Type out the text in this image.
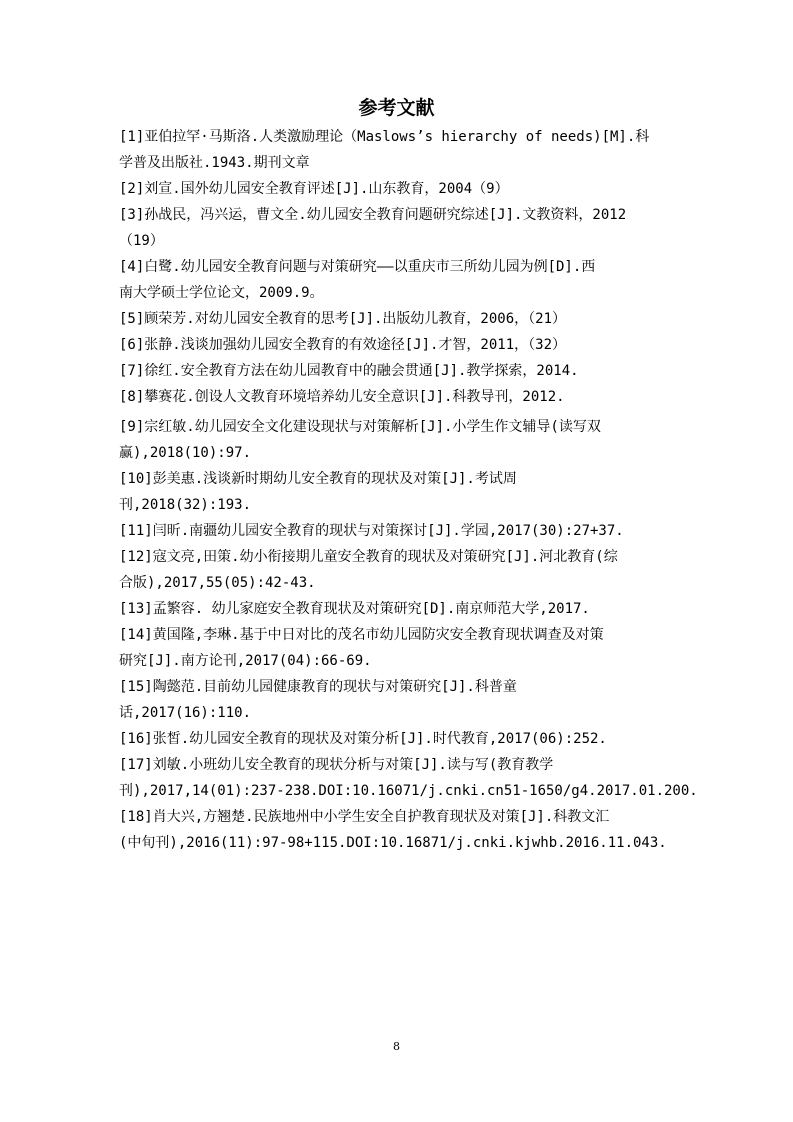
参考文献
[1]亚伯拉罕·马斯洛.人类激励理论（Maslows’s hierarchy of needs)[M].科
学普及出版社.1943.期刊文章
[2]刘宣.国外幼儿园安全教育评述[J].山东教育，2004（9）
[3]孙战民，冯兴运，曹文全.幼儿园安全教育问题研究综述[J].文教资料，2012
（19）
[4]白鹭.幼儿园安全教育问题与对策研究——以重庆市三所幼儿园为例[D].西
南大学硕士学位论文，2009.9。
[5]顾荣芳.对幼儿园安全教育的思考[J].出版幼儿教育，2006，（21）
[6]张静.浅谈加强幼儿园安全教育的有效途径[J].才智，2011，（32）
[7]徐红.安全教育方法在幼儿园教育中的融会贯通[J].教学探索，2014.
[8]攀赛花.创设人文教育环境培养幼儿安全意识[J].科教导刊，2012.
[9]宗红敏.幼儿园安全文化建设现状与对策解析[J].小学生作文辅导(读写双
赢),2018(10):97.
[10]彭美惠.浅谈新时期幼儿安全教育的现状及对策[J].考试周
刊,2018(32):193.
[11]闫昕.南疆幼儿园安全教育的现状与对策探讨[J].学园,2017(30):27+37.
[12]寇文亮,田策.幼小衔接期儿童安全教育的现状及对策研究[J].河北教育(综
合版),2017,55(05):42-43.
[13]孟繁容. 幼儿家庭安全教育现状及对策研究[D].南京师范大学,2017.
[14]黄国隆,李琳.基于中日对比的茂名市幼儿园防灾安全教育现状调查及对策
研究[J].南方论刊,2017(04):66-69.
[15]陶懿范.目前幼儿园健康教育的现状与对策研究[J].科普童
话,2017(16):110.
[16]张皙.幼儿园安全教育的现状及对策分析[J].时代教育,2017(06):252.
[17]刘敏.小班幼儿安全教育的现状分析与对策[J].读与写(教育教学
刊),2017,14(01):237-238.DOI:10.16071/j.cnki.cn51-1650/g4.2017.01.200.
[18]肖大兴,方翘楚.民族地州中小学生安全自护教育现状及对策[J].科教文汇
(中旬刊),2016(11):97-98+115.DOI:10.16871/j.cnki.kjwhb.2016.11.043.
8
